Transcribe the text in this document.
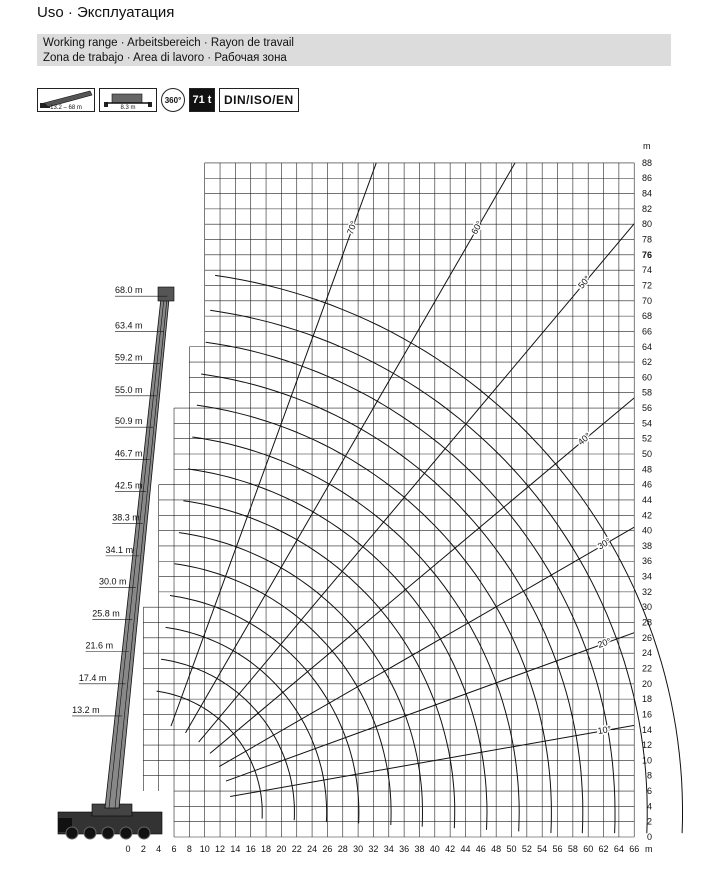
Uso · Эксплуатация
Working range · Arbeitsbereich · Rayon de travail
Zona de trabajo · Area di lavoro · Рабочая зона
13.2 – 68 m	8.3 m
360°	71 t	DIN/ISO/EN
70°	60°
50°
40°
30°
20°
10°
0 2 4 6 8 10 12 14 16 18 20 22 24 26 28 30 32 34 36 38 40 42 44 46 48 50 52 54 56 58 60 62 64 66
0
2
4
6
8
10
12
14
16
18
20
22
24
26
28
30
32
34
36
38
40
42
44
46
48
50
52
54
56
58
60
62
64
66
68
70
72
74
76
78
80
82
84
86
88
68.0 m
63.4 m
59.2 m
55.0 m
50.9 m
46.7 m
42.5 m
38.3 m
34.1 m
30.0 m
25.8 m
21.6 m
17.4 m
13.2 m
m
m
